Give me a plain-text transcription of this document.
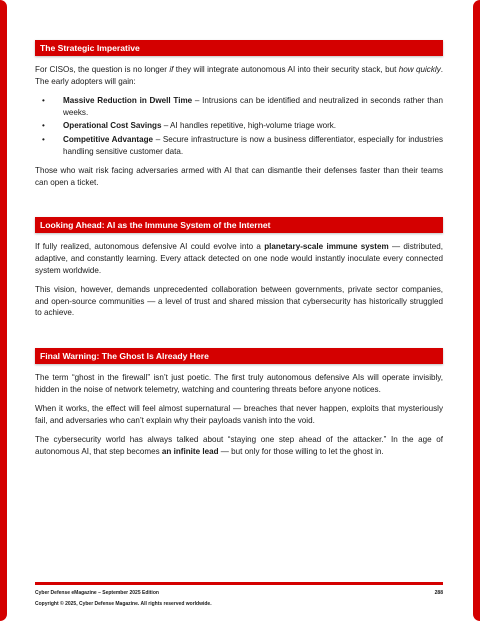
The Strategic Imperative

For CISOs, the question is no longer if they will integrate autonomous AI into their security stack, but how quickly. The early adopters will gain:

• Massive Reduction in Dwell Time – Intrusions can be identified and neutralized in seconds rather than weeks.
• Operational Cost Savings – AI handles repetitive, high-volume triage work.
• Competitive Advantage – Secure infrastructure is now a business differentiator, especially for industries handling sensitive customer data.

Those who wait risk facing adversaries armed with AI that can dismantle their defenses faster than their teams can open a ticket.

Looking Ahead: AI as the Immune System of the Internet

If fully realized, autonomous defensive AI could evolve into a planetary-scale immune system — distributed, adaptive, and constantly learning. Every attack detected on one node would instantly inoculate every connected system worldwide.

This vision, however, demands unprecedented collaboration between governments, private sector companies, and open-source communities — a level of trust and shared mission that cybersecurity has historically struggled to achieve.

Final Warning: The Ghost Is Already Here

The term “ghost in the firewall” isn’t just poetic. The first truly autonomous defensive AIs will operate invisibly, hidden in the noise of network telemetry, watching and countering threats before anyone notices.

When it works, the effect will feel almost supernatural — breaches that never happen, exploits that mysteriously fail, and adversaries who can’t explain why their payloads vanish into the void.

The cybersecurity world has always talked about “staying one step ahead of the attacker.” In the age of autonomous AI, that step becomes an infinite lead — but only for those willing to let the ghost in.

Cyber Defense eMagazine – September 2025 Edition	288
Copyright © 2025, Cyber Defense Magazine. All rights reserved worldwide.
